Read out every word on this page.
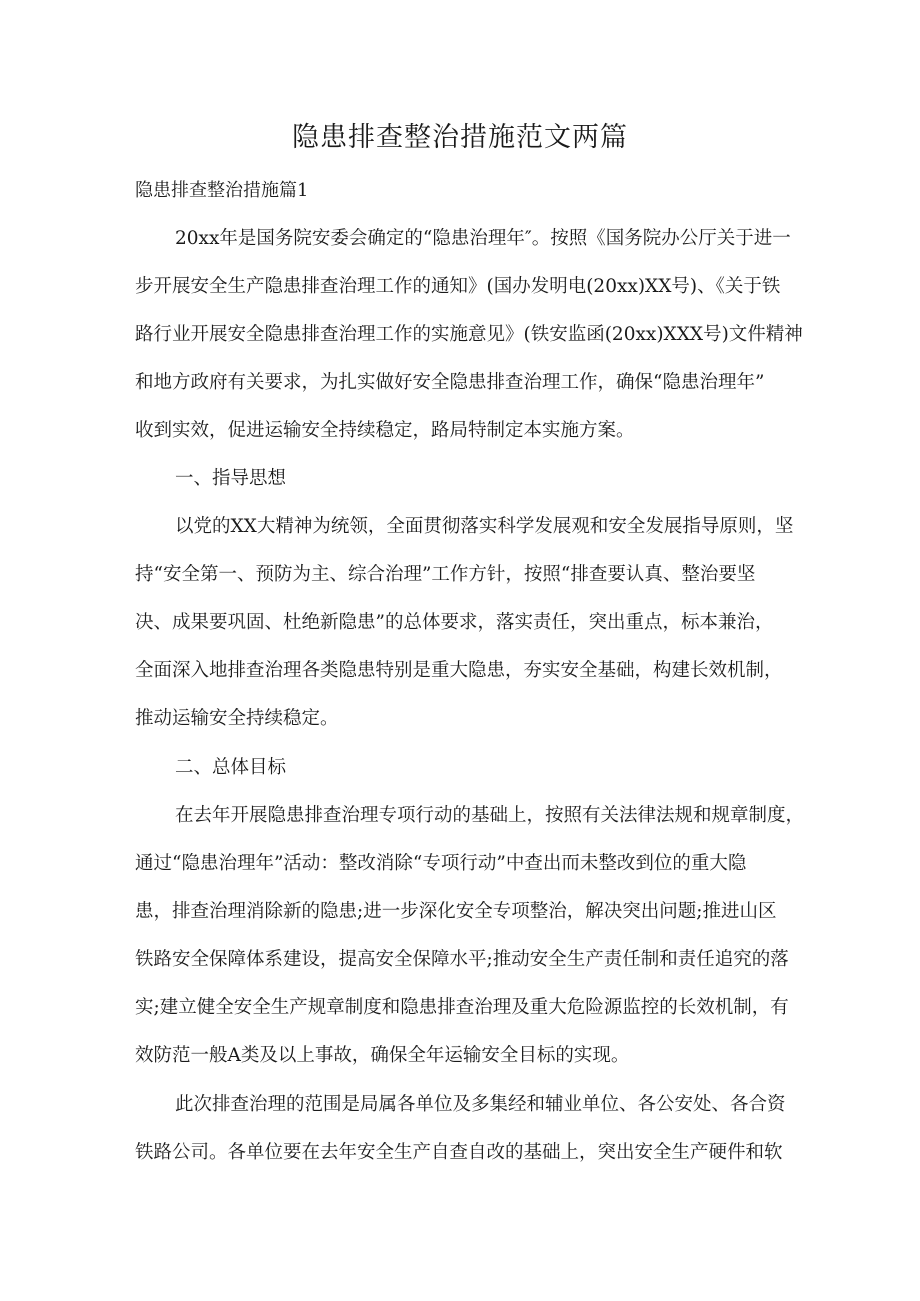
隐患排查整治措施范文两篇
隐患排查整治措施篇1

20xx年是国务院安委会确定的“隐患治理年″。按照《国务院办公厅关于进一

步开展安全生产隐患排查治理工作的通知》(国办发明电(20xx)XX号)、《关于铁

路行业开展安全隐患排查治理工作的实施意见》(铁安监函(20xx)XXX号)文件精神

和地方政府有关要求，为扎实做好安全隐患排查治理工作，确保“隐患治理年”

收到实效，促进运输安全持续稳定，路局特制定本实施方案。

一、指导思想

以党的XX大精神为统领，全面贯彻落实科学发展观和安全发展指导原则，坚

持“安全第一、预防为主、综合治理”工作方针，按照“排查要认真、整治要坚

决、成果要巩固、杜绝新隐患”的总体要求，落实责任，突出重点，标本兼治，

全面深入地排查治理各类隐患特别是重大隐患，夯实安全基础，构建长效机制，

推动运输安全持续稳定。

二、总体目标

在去年开展隐患排查治理专项行动的基础上，按照有关法律法规和规章制度，

通过“隐患治理年”活动：整改消除“专项行动”中查出而未整改到位的重大隐

患，排查治理消除新的隐患;进一步深化安全专项整治，解决突出问题;推进山区

铁路安全保障体系建设，提高安全保障水平;推动安全生产责任制和责任追究的落

实;建立健全安全生产规章制度和隐患排查治理及重大危险源监控的长效机制，有

效防范一般A类及以上事故，确保全年运输安全目标的实现。

此次排查治理的范围是局属各单位及多集经和辅业单位、各公安处、各合资

铁路公司。各单位要在去年安全生产自查自改的基础上，突出安全生产硬件和软
